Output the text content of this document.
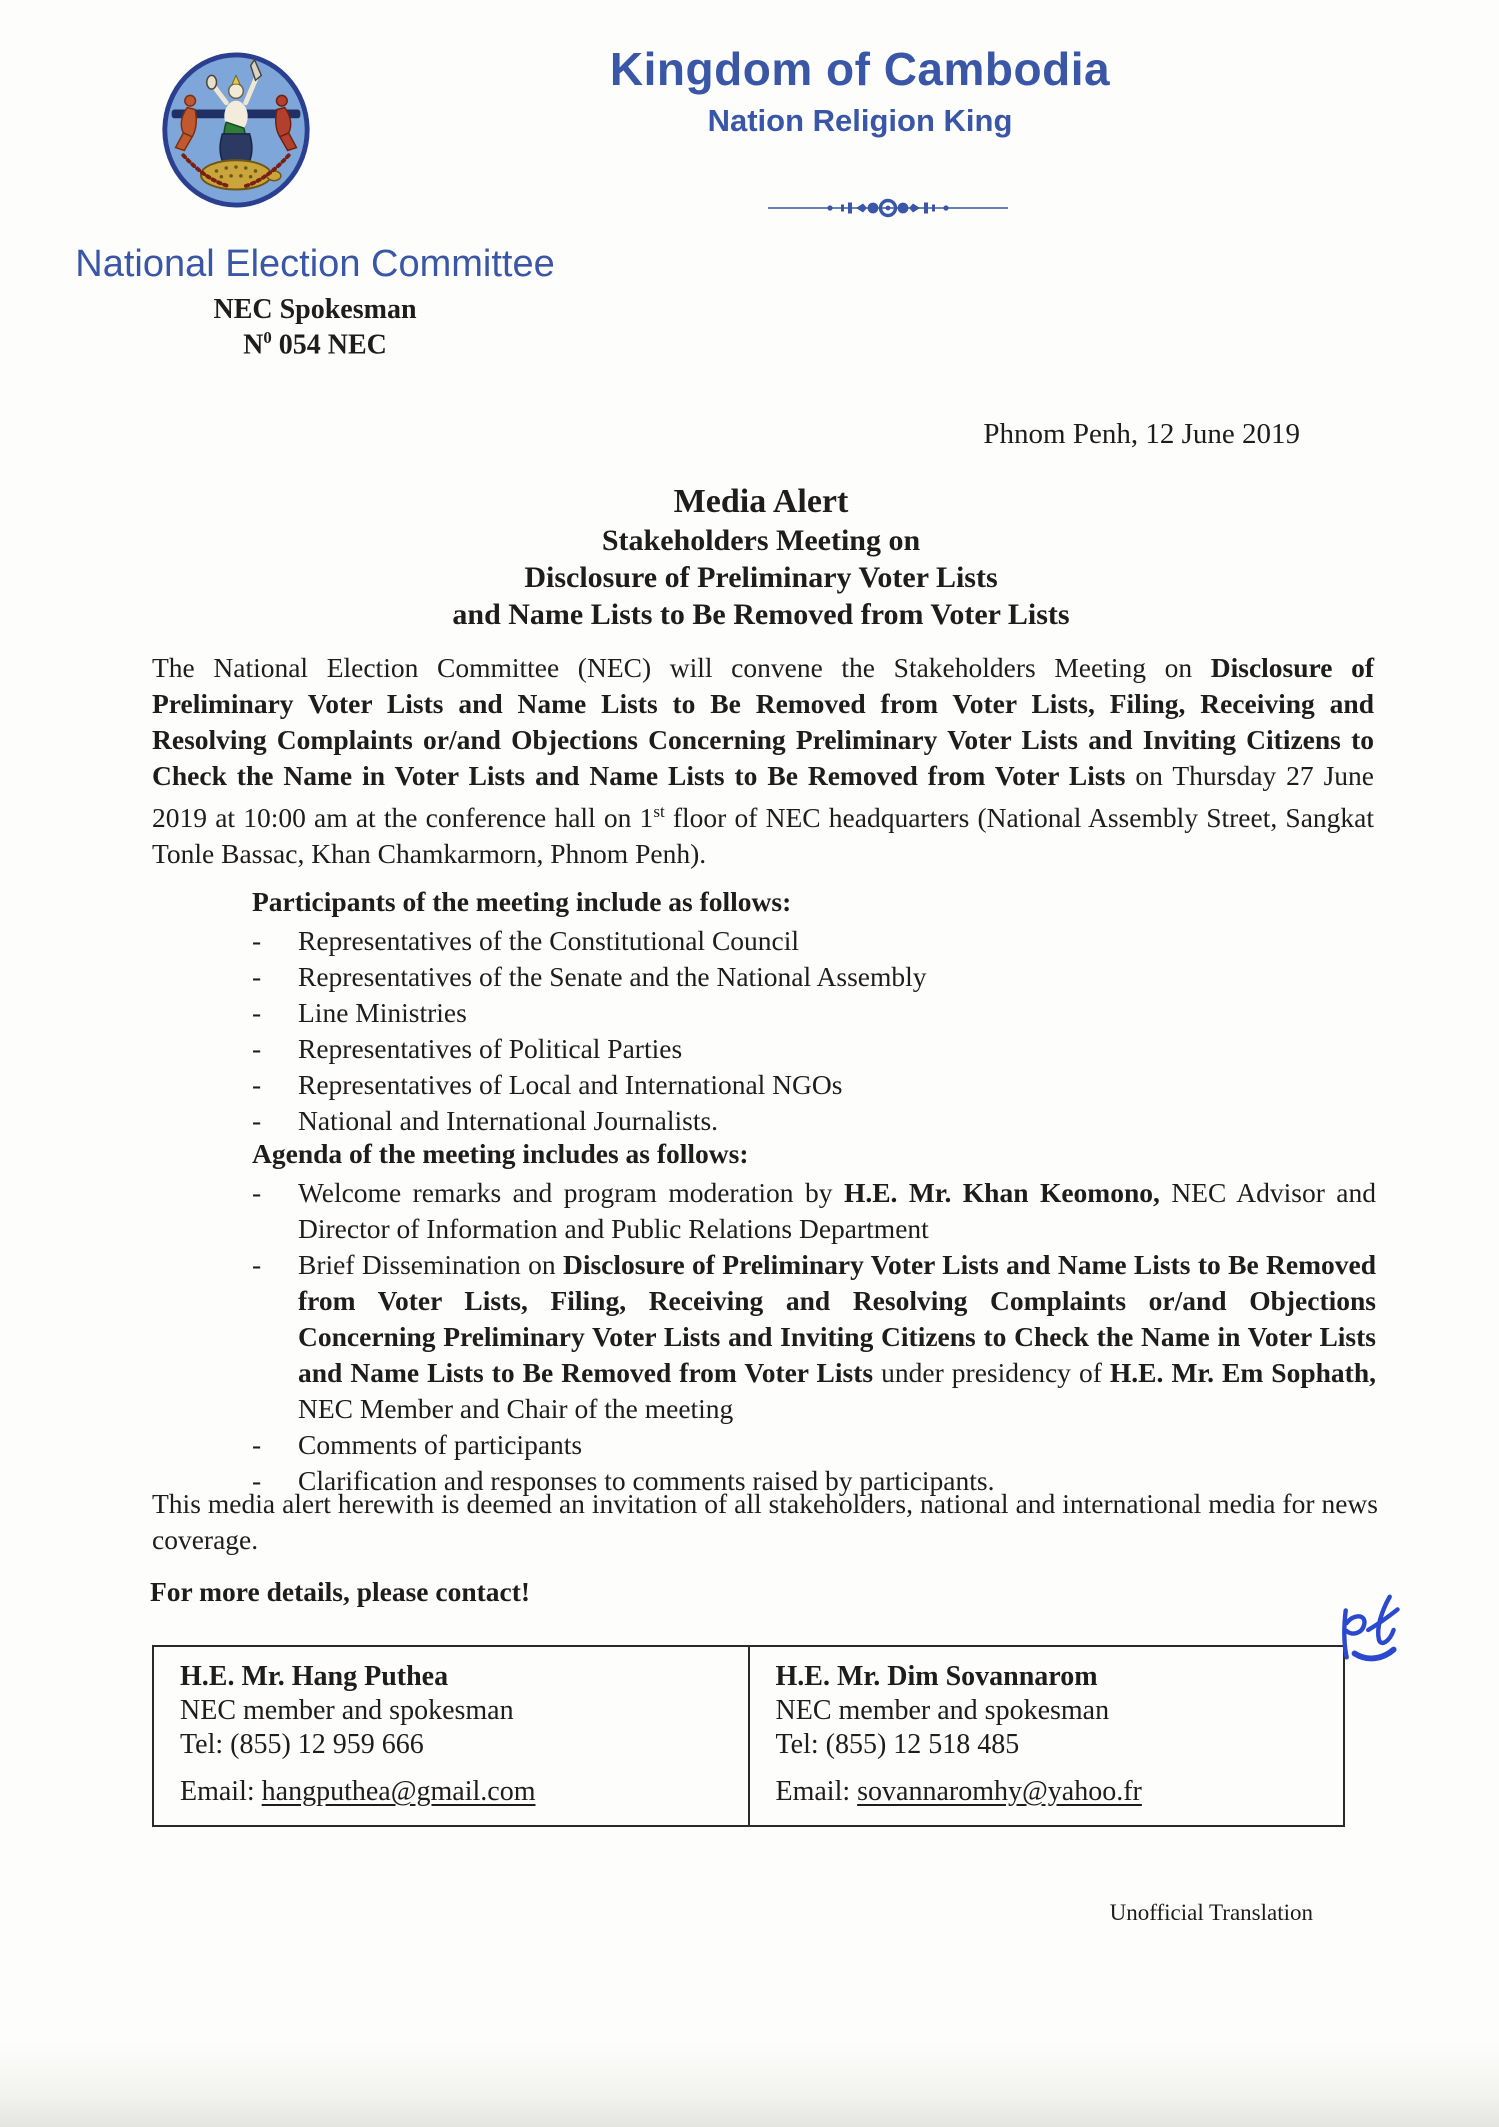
Kingdom of Cambodia
Nation Religion King
National Election Committee
NEC Spokesman
$N^0$ 054 NEC
Phnom Penh, 12 June 2019
Media Alert
Stakeholders Meeting on
Disclosure of Preliminary Voter Lists
and Name Lists to Be Removed from Voter Lists

The National Election Committee (NEC) will convene the Stakeholders Meeting on Disclosure of Preliminary Voter Lists and Name Lists to Be Removed from Voter Lists, Filing, Receiving and Resolving Complaints or/and Objections Concerning Preliminary Voter Lists and Inviting Citizens to Check the Name in Voter Lists and Name Lists to Be Removed from Voter Lists on Thursday 27 June 2019 at 10:00 am at the conference hall on 1st floor of NEC headquarters (National Assembly Street, Sangkat Tonle Bassac, Khan Chamkarmorn, Phnom Penh).

Participants of the meeting include as follows:
-	Representatives of the Constitutional Council
-	Representatives of the Senate and the National Assembly
-	Line Ministries
-	Representatives of Political Parties
-	Representatives of Local and International NGOs
-	National and International Journalists.
Agenda of the meeting includes as follows:
-	Welcome remarks and program moderation by H.E. Mr. Khan Keomono, NEC Advisor and Director of Information and Public Relations Department
-	Brief Dissemination on Disclosure of Preliminary Voter Lists and Name Lists to Be Removed from Voter Lists, Filing, Receiving and Resolving Complaints or/and Objections Concerning Preliminary Voter Lists and Inviting Citizens to Check the Name in Voter Lists and Name Lists to Be Removed from Voter Lists under presidency of H.E. Mr. Em Sophath, NEC Member and Chair of the meeting
-	Comments of participants
-	Clarification and responses to comments raised by participants.

This media alert herewith is deemed an invitation of all stakeholders, national and international media for news coverage.

For more details, please contact!
H.E. Mr. Hang Puthea
NEC member and spokesman
Tel: (855) 12 959 666
Email: hangputhea@gmail.com
H.E. Mr. Dim Sovannarom
NEC member and spokesman
Tel: (855) 12 518 485
Email: sovannaromhy@yahoo.fr
Unofficial Translation
